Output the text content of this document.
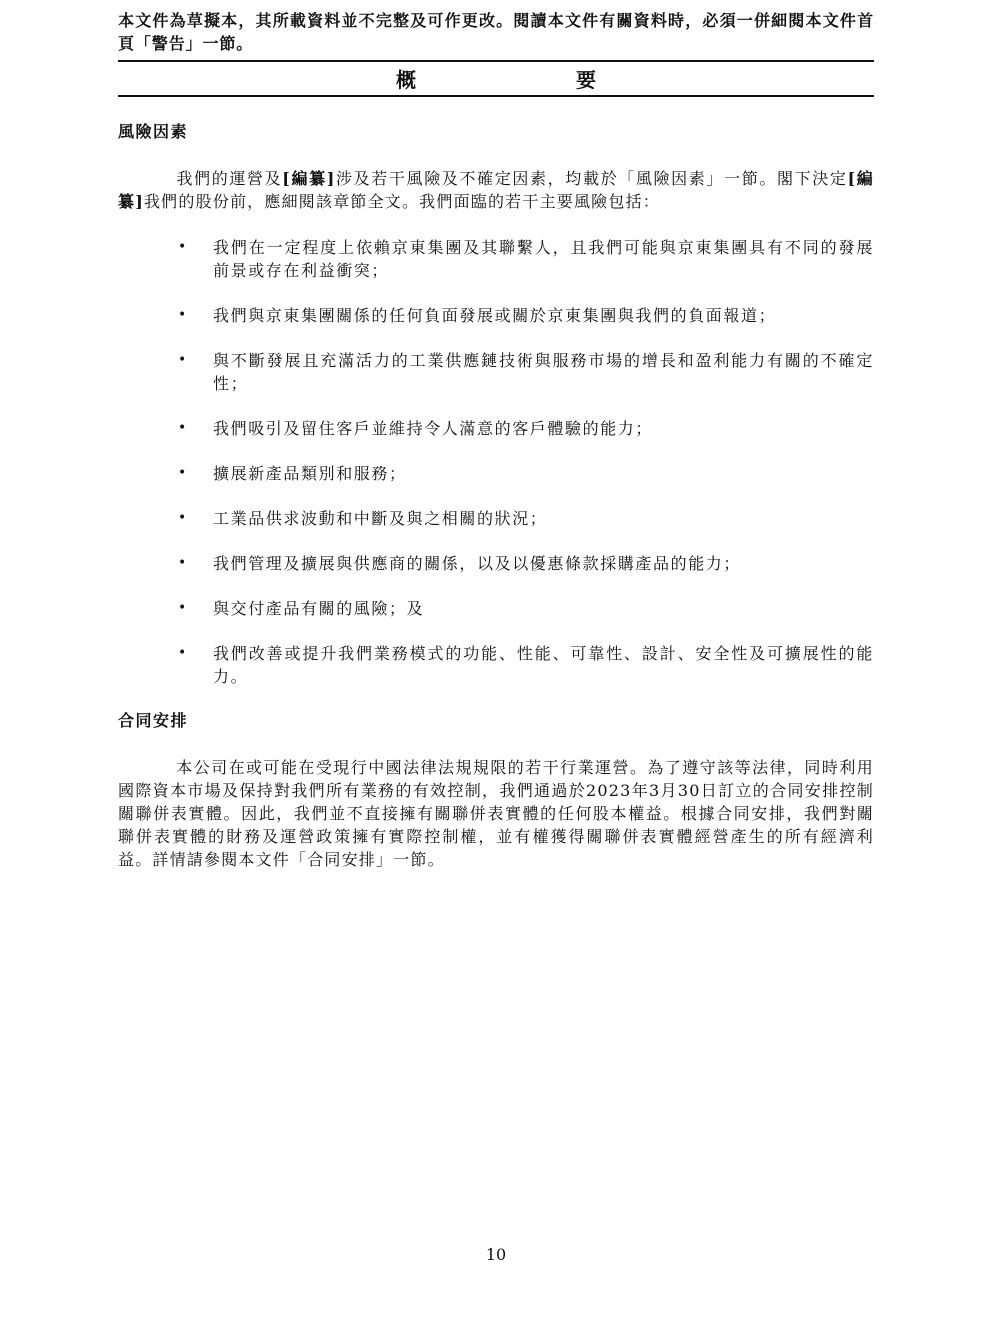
本文件為草擬本，其所載資料並不完整及可作更改。閱讀本文件有關資料時，必須一併細閱本文件首頁「警告」一節。

概　　要
風險因素

我們的運營及[編纂]涉及若干風險及不確定因素，均載於「風險因素」一節。閣下決定[編纂]我們的股份前，應細閱該章節全文。我們面臨的若干主要風險包括：

• 我們在一定程度上依賴京東集團及其聯繫人，且我們可能與京東集團具有不同的發展前景或存在利益衝突；
• 我們與京東集團關係的任何負面發展或關於京東集團與我們的負面報道；
• 與不斷發展且充滿活力的工業供應鏈技術與服務市場的增長和盈利能力有關的不確定性；
• 我們吸引及留住客戶並維持令人滿意的客戶體驗的能力；
• 擴展新產品類別和服務；
• 工業品供求波動和中斷及與之相關的狀況；
• 我們管理及擴展與供應商的關係，以及以優惠條款採購產品的能力；
• 與交付產品有關的風險；及
• 我們改善或提升我們業務模式的功能、性能、可靠性、設計、安全性及可擴展性的能力。
合同安排

本公司在或可能在受現行中國法律法規規限的若干行業運營。為了遵守該等法律，同時利用國際資本市場及保持對我們所有業務的有效控制，我們通過於2023年3月30日訂立的合同安排控制關聯併表實體。因此，我們並不直接擁有關聯併表實體的任何股本權益。根據合同安排，我們對關聯併表實體的財務及運營政策擁有實際控制權，並有權獲得關聯併表實體經營產生的所有經濟利益。詳情請參閱本文件「合同安排」一節。

10
